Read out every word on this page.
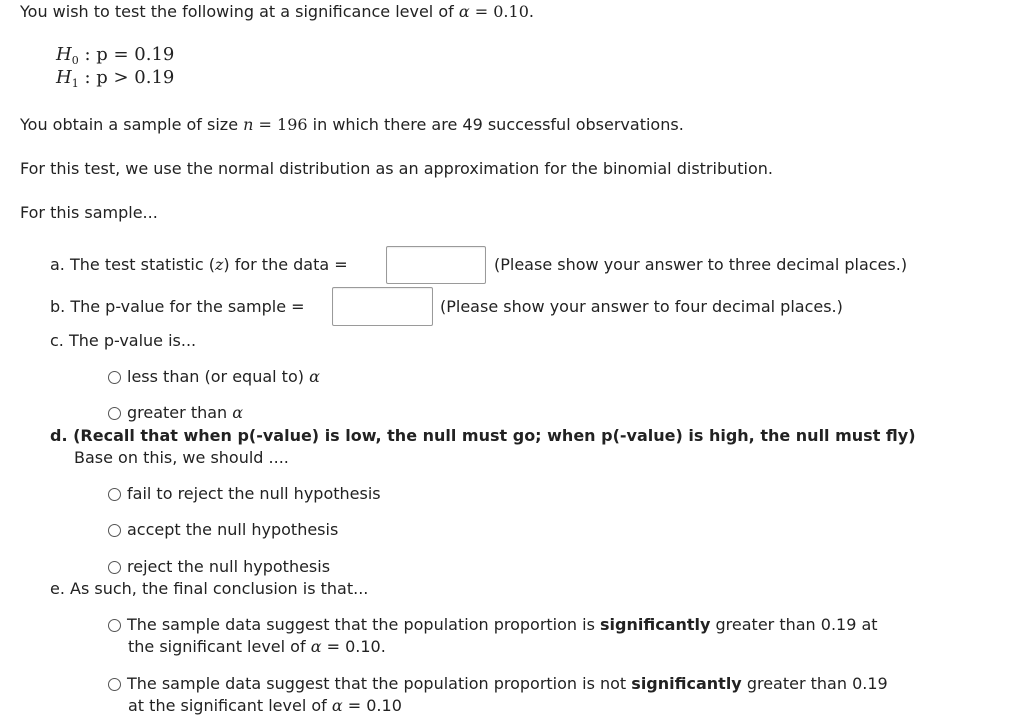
You wish to test the following at a significance level of α = 0.10.
$H_0$ : p = 0.19
$H_1$ : p > 0.19
You obtain a sample of size n = 196 in which there are 49 successful observations.
For this test, we use the normal distribution as an approximation for the binomial distribution.
For this sample...
a. The test statistic (z) for the data =	(Please show your answer to three decimal places.)
b. The p-value for the sample =	(Please show your answer to four decimal places.)
c. The p-value is...
less than (or equal to) α
greater than α
d. (Recall that when p(-value) is low, the null must go; when p(-value) is high, the null must fly)
Base on this, we should ....
fail to reject the null hypothesis
accept the null hypothesis
reject the null hypothesis
e. As such, the final conclusion is that...
The sample data suggest that the population proportion is significantly greater than 0.19 at
the significant level of α = 0.10.
The sample data suggest that the population proportion is not significantly greater than 0.19
at the significant level of α = 0.10
